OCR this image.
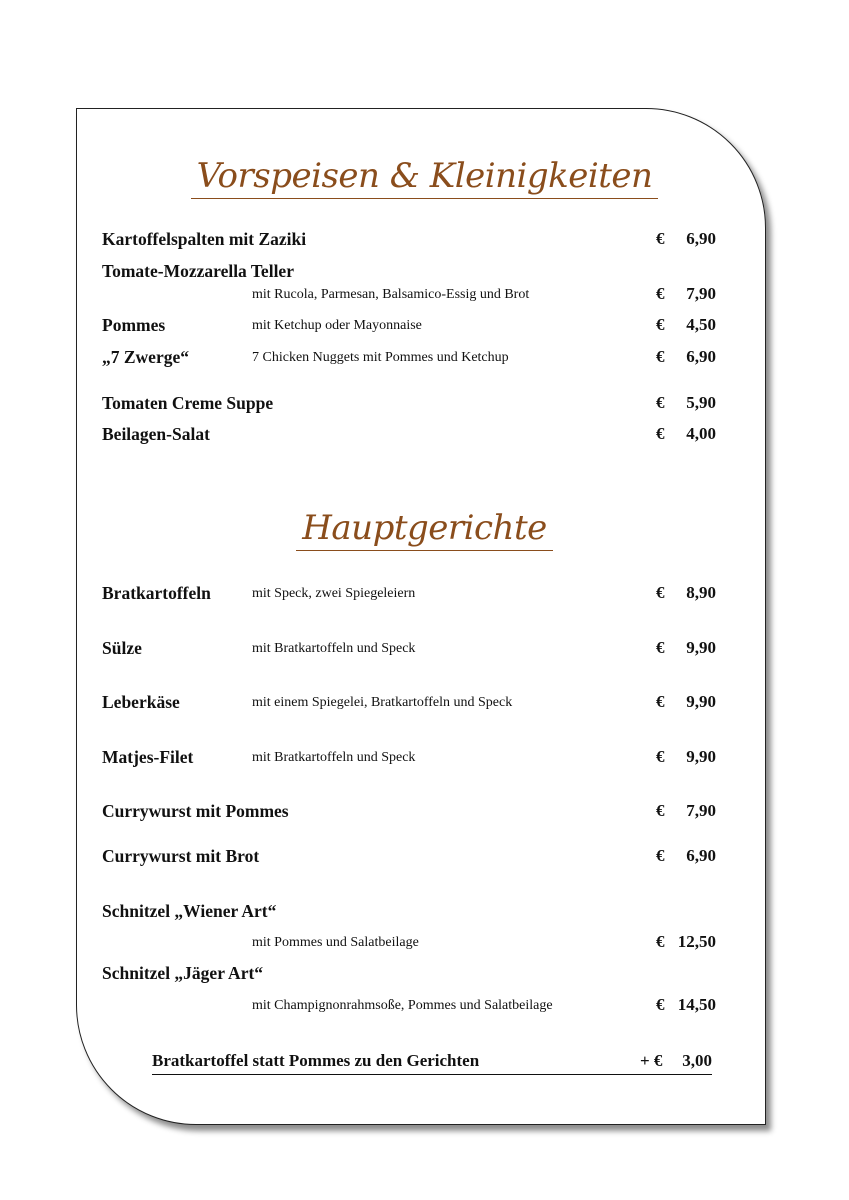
Vorspeisen & Kleinigkeiten
Kartoffelspalten mit Zaziki	€ 6,90
Tomate-Mozzarella Teller
mit Rucola, Parmesan, Balsamico-Essig und Brot	€ 7,90
Pommes	mit Ketchup oder Mayonnaise	€ 4,50
„7 Zwerge“	7 Chicken Nuggets mit Pommes und Ketchup	€ 6,90
Tomaten Creme Suppe	€ 5,90
Beilagen-Salat	€ 4,00
Hauptgerichte
Bratkartoffeln	mit Speck, zwei Spiegeleiern	€ 8,90
Sülze	mit Bratkartoffeln und Speck	€ 9,90
Leberkäse	mit einem Spiegelei, Bratkartoffeln und Speck	€ 9,90
Matjes-Filet	mit Bratkartoffeln und Speck	€ 9,90
Currywurst mit Pommes	€ 7,90
Currywurst mit Brot	€ 6,90
Schnitzel „Wiener Art“
mit Pommes und Salatbeilage	€ 12,50
Schnitzel „Jäger Art“
mit Champignonrahmsoße, Pommes und Salatbeilage	€ 14,50
Bratkartoffel statt Pommes zu den Gerichten	+ € 3,00
